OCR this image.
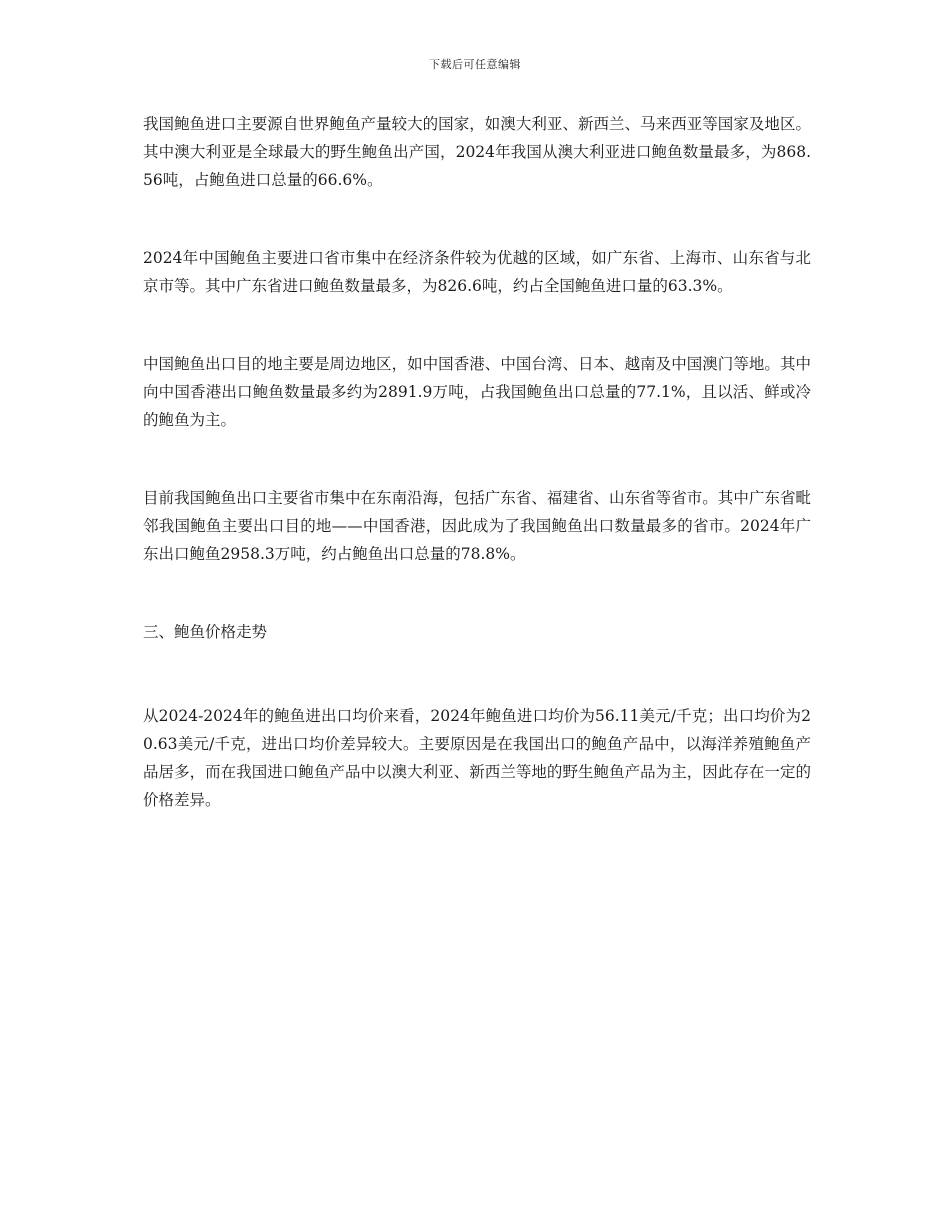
下载后可任意编辑

我国鲍鱼进口主要源自世界鲍鱼产量较大的国家，如澳大利亚、新西兰、马来西亚等国家及地区。其中澳大利亚是全球最大的野生鲍鱼出产国，2024年我国从澳大利亚进口鲍鱼数量最多，为868.56吨，占鲍鱼进口总量的66.6%。

2024年中国鲍鱼主要进口省市集中在经济条件较为优越的区域，如广东省、上海市、山东省与北京市等。其中广东省进口鲍鱼数量最多，为826.6吨，约占全国鲍鱼进口量的63.3%。

中国鲍鱼出口目的地主要是周边地区，如中国香港、中国台湾、日本、越南及中国澳门等地。其中向中国香港出口鲍鱼数量最多约为2891.9万吨，占我国鲍鱼出口总量的77.1%，且以活、鲜或冷的鲍鱼为主。

目前我国鲍鱼出口主要省市集中在东南沿海，包括广东省、福建省、山东省等省市。其中广东省毗邻我国鲍鱼主要出口目的地——中国香港，因此成为了我国鲍鱼出口数量最多的省市。2024年广东出口鲍鱼2958.3万吨，约占鲍鱼出口总量的78.8%。

三、鲍鱼价格走势

从2024-2024年的鲍鱼进出口均价来看，2024年鲍鱼进口均价为56.11美元/千克；出口均价为20.63美元/千克，进出口均价差异较大。主要原因是在我国出口的鲍鱼产品中，以海洋养殖鲍鱼产品居多，而在我国进口鲍鱼产品中以澳大利亚、新西兰等地的野生鲍鱼产品为主，因此存在一定的价格差异。
